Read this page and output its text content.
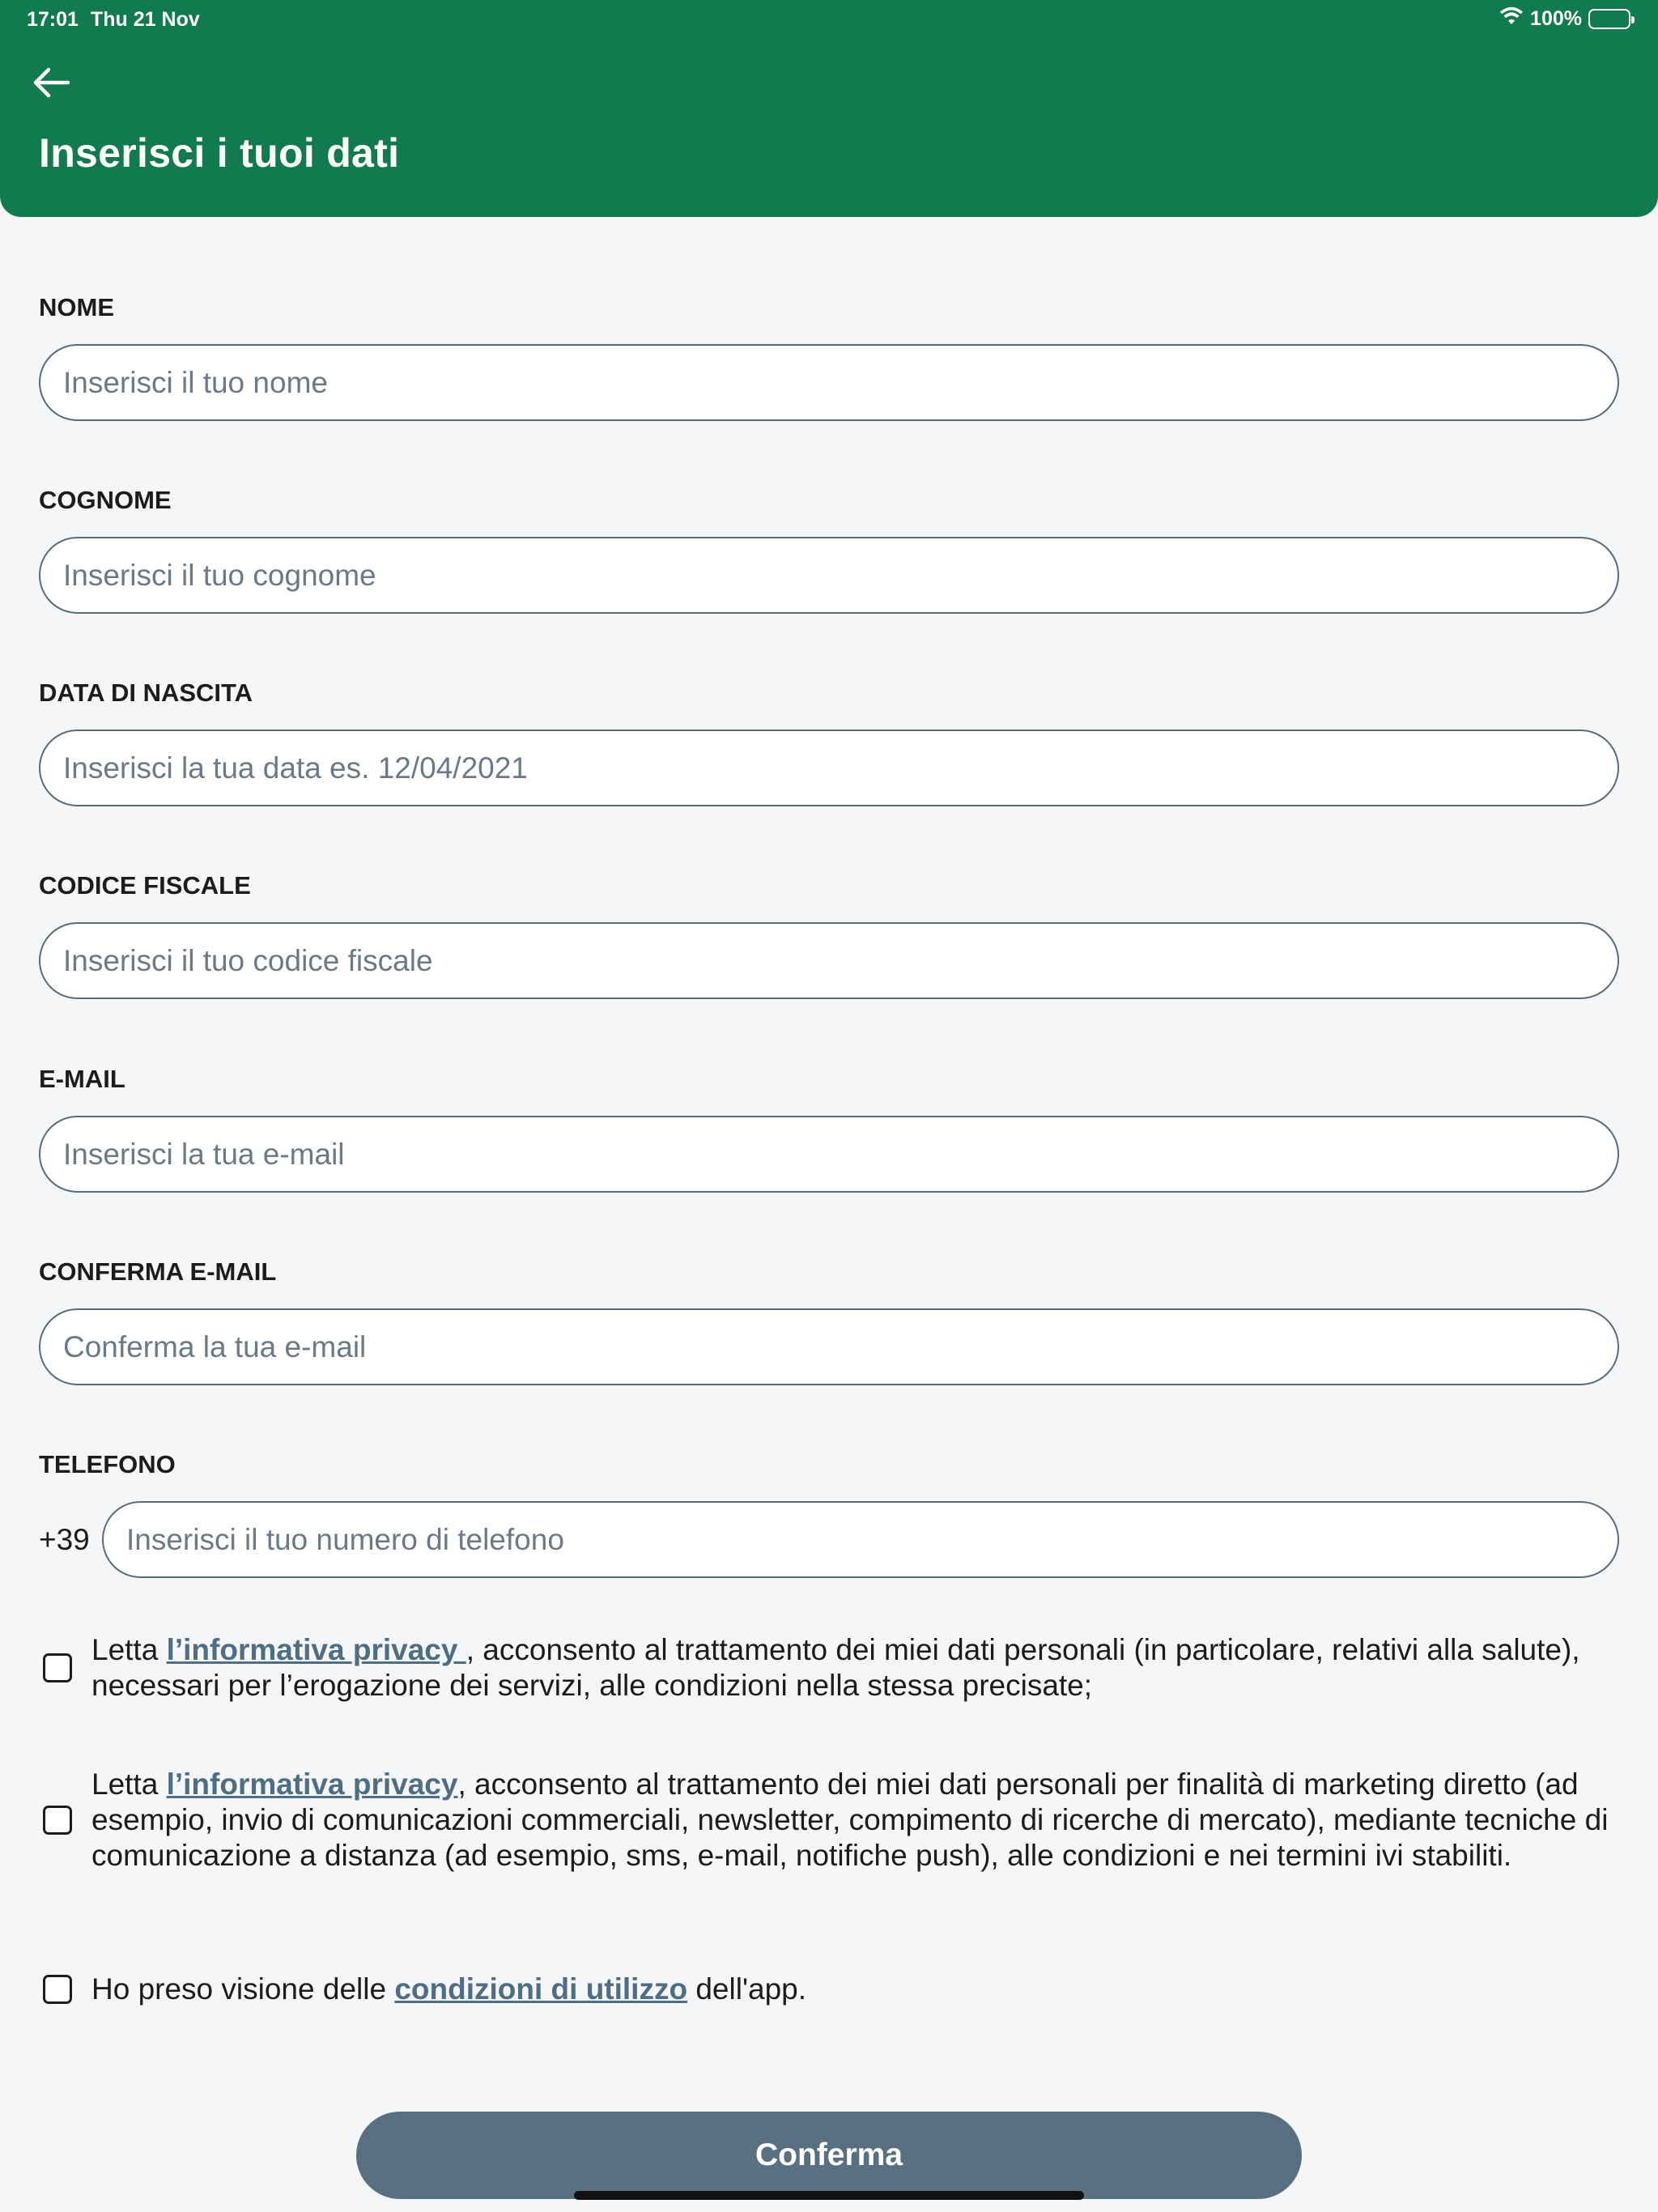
17:01 Thu 21 Nov	100%
Inserisci i tuoi dati
NOME
Inserisci il tuo nome
COGNOME
Inserisci il tuo cognome
DATA DI NASCITA
Inserisci la tua data es. 12/04/2021
CODICE FISCALE
Inserisci il tuo codice fiscale
E-MAIL
Inserisci la tua e-mail
CONFERMA E-MAIL
Conferma la tua e-mail
TELEFONO
+39
Inserisci il tuo numero di telefono
Letta l’informativa privacy , acconsento al trattamento dei miei dati personali (in particolare, relativi alla salute), necessari per l’erogazione dei servizi, alle condizioni nella stessa precisate;
Letta l’informativa privacy, acconsento al trattamento dei miei dati personali per finalità di marketing diretto (ad esempio, invio di comunicazioni commerciali, newsletter, compimento di ricerche di mercato), mediante tecniche di comunicazione a distanza (ad esempio, sms, e-mail, notifiche push), alle condizioni e nei termini ivi stabiliti.
Ho preso visione delle condizioni di utilizzo dell'app.
Conferma
